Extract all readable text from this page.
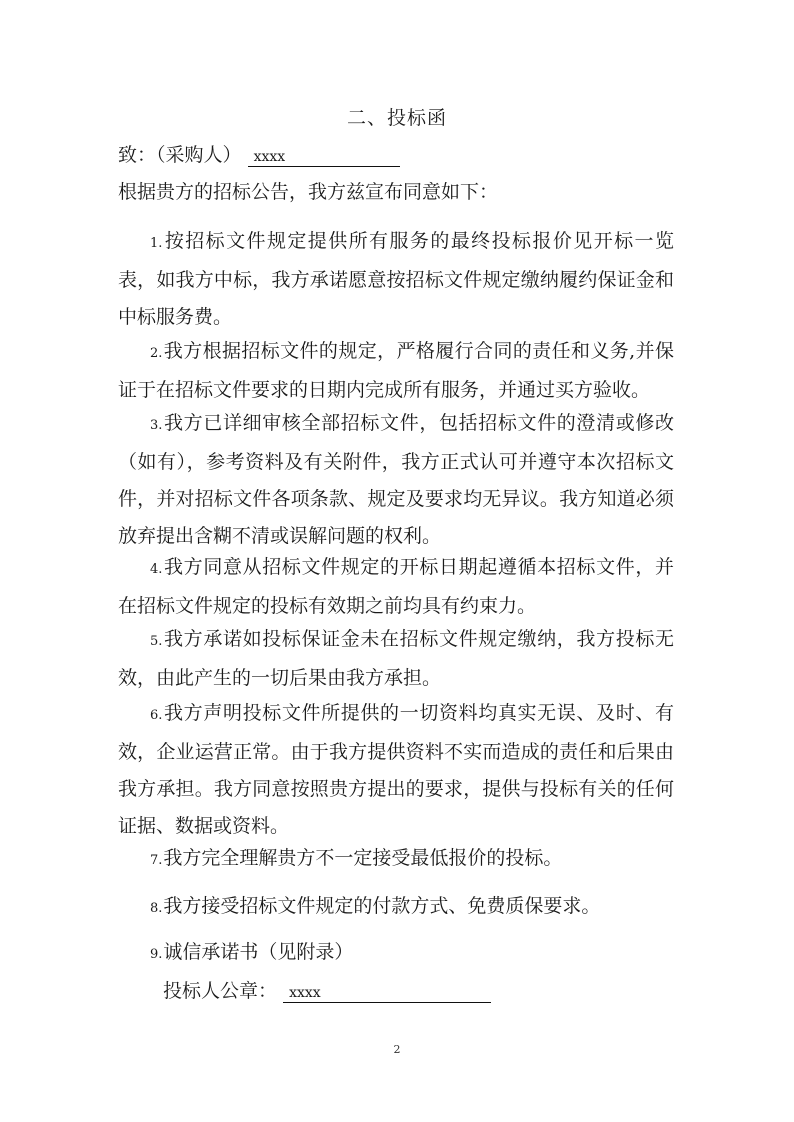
二、投标函
致：（采购人） xxxx
根据贵方的招标公告，我方兹宣布同意如下：
1.按招标文件规定提供所有服务的最终投标报价见开标一览表，如我方中标，我方承诺愿意按招标文件规定缴纳履约保证金和中标服务费。
2.我方根据招标文件的规定，严格履行合同的责任和义务,并保证于在招标文件要求的日期内完成所有服务，并通过买方验收。
3.我方已详细审核全部招标文件，包括招标文件的澄清或修改（如有），参考资料及有关附件，我方正式认可并遵守本次招标文件，并对招标文件各项条款、规定及要求均无异议。我方知道必须放弃提出含糊不清或误解问题的权利。
4.我方同意从招标文件规定的开标日期起遵循本招标文件，并在招标文件规定的投标有效期之前均具有约束力。
5.我方承诺如投标保证金未在招标文件规定缴纳，我方投标无效，由此产生的一切后果由我方承担。
6.我方声明投标文件所提供的一切资料均真实无误、及时、有效，企业运营正常。由于我方提供资料不实而造成的责任和后果由我方承担。我方同意按照贵方提出的要求，提供与投标有关的任何证据、数据或资料。
7.我方完全理解贵方不一定接受最低报价的投标。
8.我方接受招标文件规定的付款方式、免费质保要求。
9.诚信承诺书（见附录）
投标人公章： xxxx
2
